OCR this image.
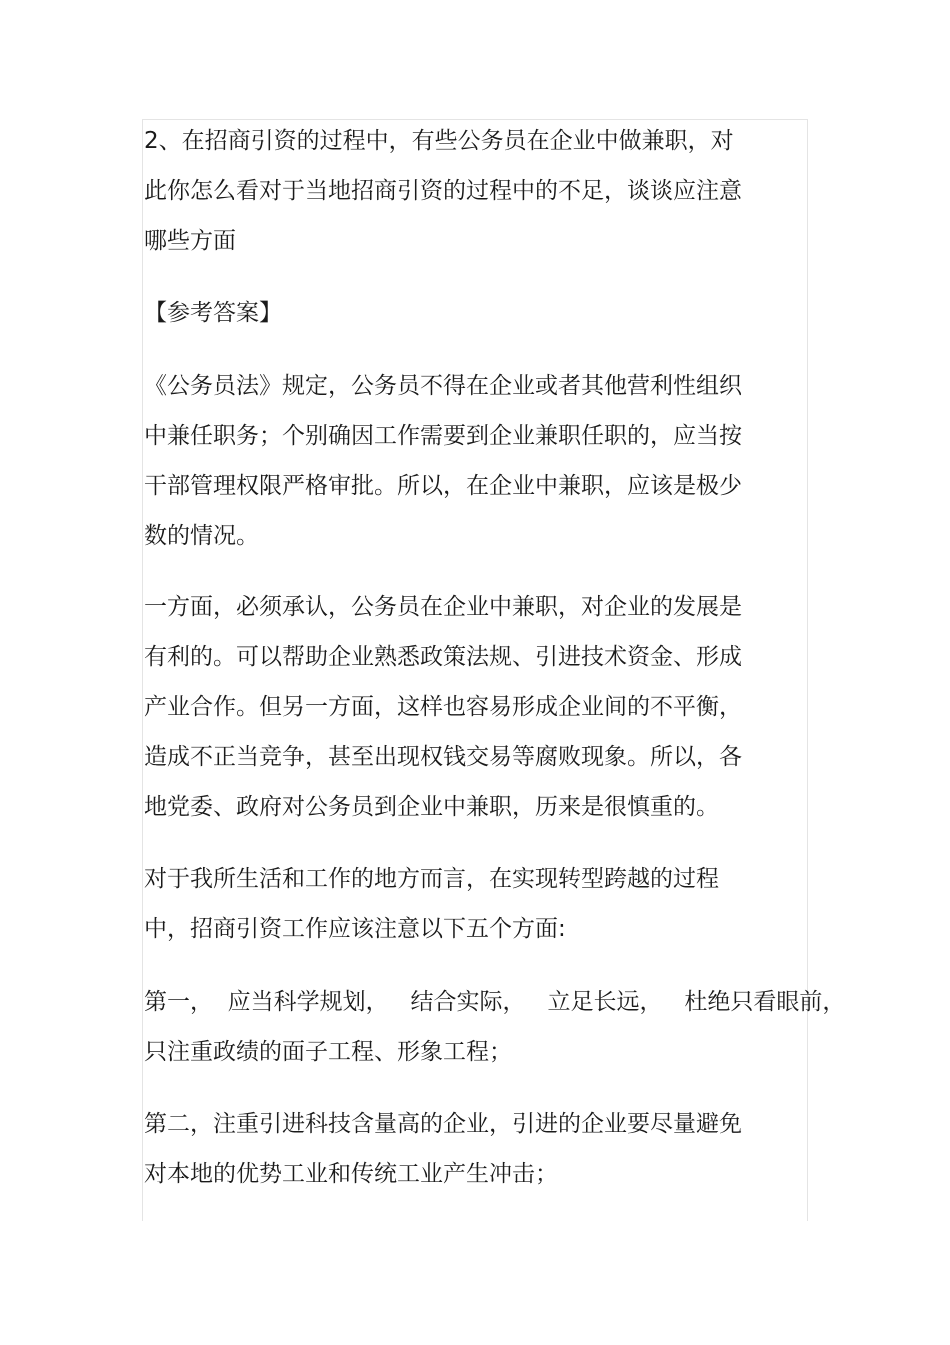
2、在招商引资的过程中，有些公务员在企业中做兼职，对
此你怎么看对于当地招商引资的过程中的不足，谈谈应注意
哪些方面
【参考答案】
《公务员法》规定，公务员不得在企业或者其他营利性组织
中兼任职务；个别确因工作需要到企业兼职任职的，应当按
干部管理权限严格审批。所以，在企业中兼职，应该是极少
数的情况。
一方面，必须承认，公务员在企业中兼职，对企业的发展是
有利的。可以帮助企业熟悉政策法规、引进技术资金、形成
产业合作。但另一方面，这样也容易形成企业间的不平衡，
造成不正当竞争，甚至出现权钱交易等腐败现象。所以，各
地党委、政府对公务员到企业中兼职，历来是很慎重的。
对于我所生活和工作的地方而言，在实现转型跨越的过程
中，招商引资工作应该注意以下五个方面:
第一，  应当科学规划，   结合实际，   立足长远，   杜绝只看眼前，
只注重政绩的面子工程、形象工程；
第二，注重引进科技含量高的企业，引进的企业要尽量避免
对本地的优势工业和传统工业产生冲击；
